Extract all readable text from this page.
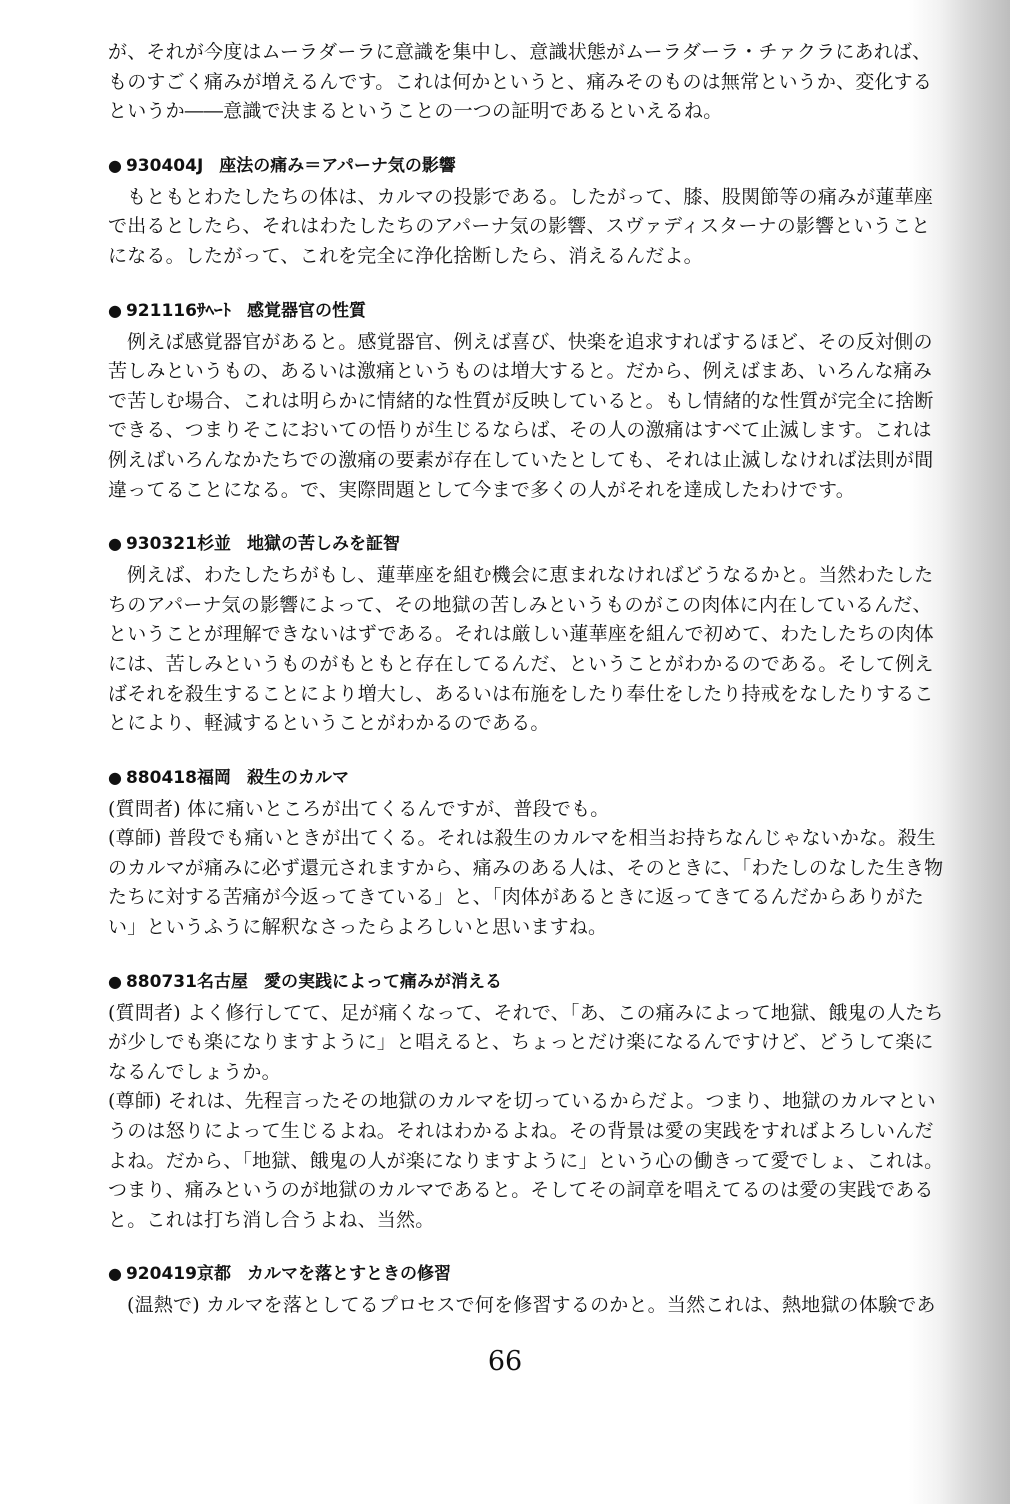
が、それが今度はムーラダーラに意識を集中し、意識状態がムーラダーラ・チァクラにあれば、ものすごく痛みが増えるんです。これは何かというと、痛みそのものは無常というか、変化するというか――意識で決まるということの一つの証明であるといえるね。

● 930404J 座法の痛み＝アパーナ気の影響

もともとわたしたちの体は、カルマの投影である。したがって、膝、股関節等の痛みが蓮華座で出るとしたら、それはわたしたちのアパーナ気の影響、スヴァディスターナの影響ということになる。したがって、これを完全に浄化捨断したら、消えるんだよ。

● 921116ｻﾍｰﾄ 感覚器官の性質

例えば感覚器官があると。感覚器官、例えば喜び、快楽を追求すればするほど、その反対側の苦しみというもの、あるいは激痛というものは増大すると。だから、例えばまあ、いろんな痛みで苦しむ場合、これは明らかに情緒的な性質が反映していると。もし情緒的な性質が完全に捨断できる、つまりそこにおいての悟りが生じるならば、その人の激痛はすべて止滅します。これは例えばいろんなかたちでの激痛の要素が存在していたとしても、それは止滅しなければ法則が間違ってることになる。で、実際問題として今まで多くの人がそれを達成したわけです。

● 930321杉並 地獄の苦しみを証智

例えば、わたしたちがもし、蓮華座を組む機会に恵まれなければどうなるかと。当然わたしたちのアパーナ気の影響によって、その地獄の苦しみというものがこの肉体に内在しているんだ、ということが理解できないはずである。それは厳しい蓮華座を組んで初めて、わたしたちの肉体には、苦しみというものがもともと存在してるんだ、ということがわかるのである。そして例えばそれを殺生することにより増大し、あるいは布施をしたり奉仕をしたり持戒をなしたりすることにより、軽減するということがわかるのである。

● 880418福岡 殺生のカルマ

(質問者) 体に痛いところが出てくるんですが、普段でも。

(尊師) 普段でも痛いときが出てくる。それは殺生のカルマを相当お持ちなんじゃないかな。殺生のカルマが痛みに必ず還元されますから、痛みのある人は、そのときに、「わたしのなした生き物たちに対する苦痛が今返ってきている」と、「肉体があるときに返ってきてるんだからありがたい」というふうに解釈なさったらよろしいと思いますね。

● 880731名古屋 愛の実践によって痛みが消える

(質問者) よく修行してて、足が痛くなって、それで、「あ、この痛みによって地獄、餓鬼の人たちが少しでも楽になりますように」と唱えると、ちょっとだけ楽になるんですけど、どうして楽になるんでしょうか。

(尊師) それは、先程言ったその地獄のカルマを切っているからだよ。つまり、地獄のカルマというのは怒りによって生じるよね。それはわかるよね。その背景は愛の実践をすればよろしいんだよね。だから、「地獄、餓鬼の人が楽になりますように」という心の働きって愛でしょ、これは。つまり、痛みというのが地獄のカルマであると。そしてその詞章を唱えてるのは愛の実践であると。これは打ち消し合うよね、当然。

● 920419京都 カルマを落とすときの修習

(温熱で) カルマを落としてるプロセスで何を修習するのかと。当然これは、熱地獄の体験であ

66
